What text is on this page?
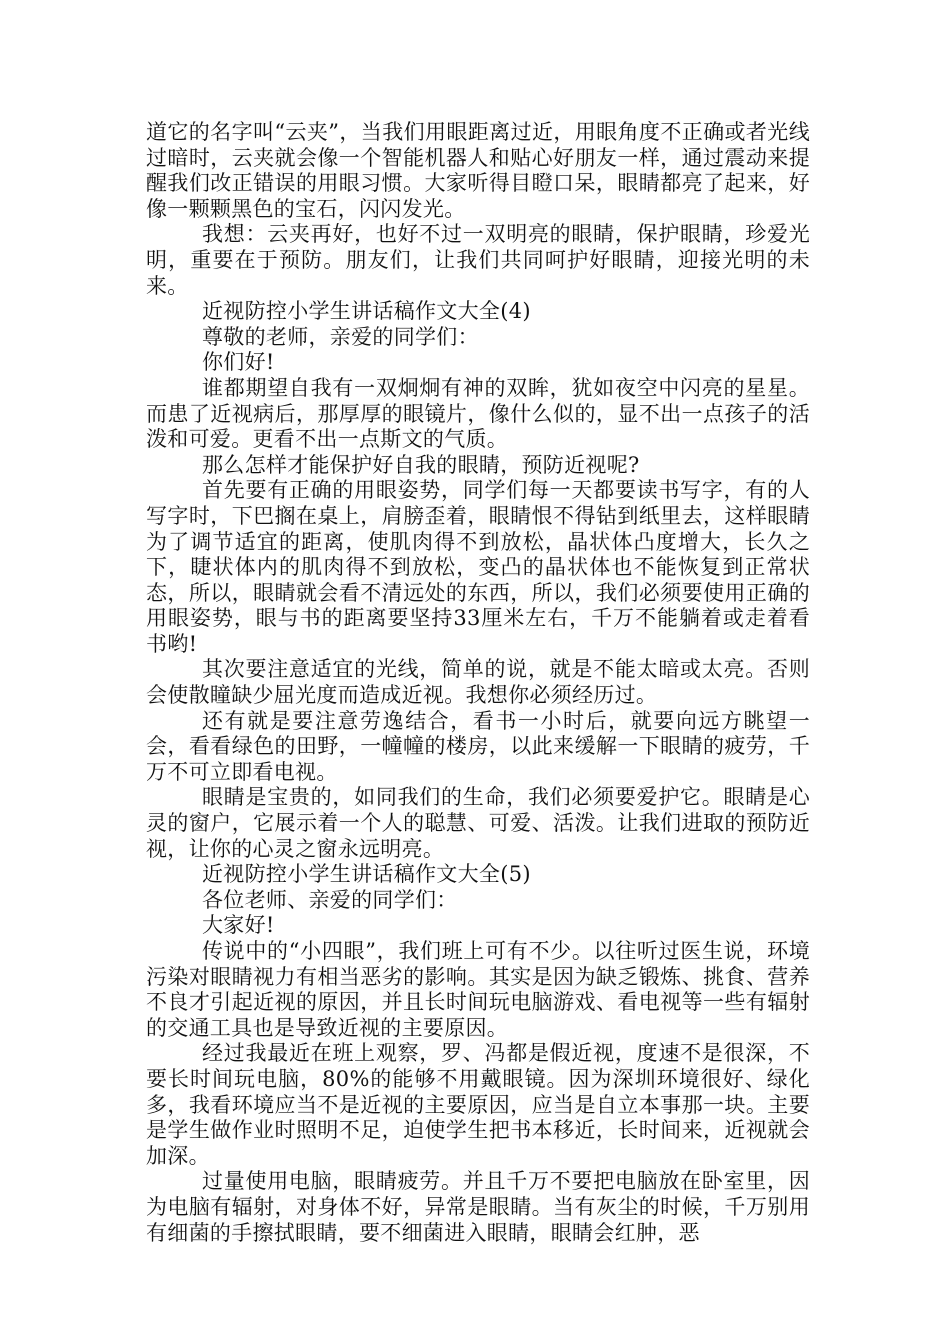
道它的名字叫“云夹”，当我们用眼距离过近，用眼角度不正确或者光线过暗时，云夹就会像一个智能机器人和贴心好朋友一样，通过震动来提醒我们改正错误的用眼习惯。大家听得目瞪口呆，眼睛都亮了起来，好像一颗颗黑色的宝石，闪闪发光。

我想：云夹再好，也好不过一双明亮的眼睛，保护眼睛，珍爱光明，重要在于预防。朋友们，让我们共同呵护好眼睛，迎接光明的未来。

近视防控小学生讲话稿作文大全(4)

尊敬的老师，亲爱的同学们：

你们好!

谁都期望自我有一双炯炯有神的双眸，犹如夜空中闪亮的星星。而患了近视病后，那厚厚的眼镜片，像什么似的，显不出一点孩子的活泼和可爱。更看不出一点斯文的气质。

那么怎样才能保护好自我的眼睛，预防近视呢?

首先要有正确的用眼姿势，同学们每一天都要读书写字，有的人写字时，下巴搁在桌上，肩膀歪着，眼睛恨不得钻到纸里去，这样眼睛为了调节适宜的距离，使肌肉得不到放松，晶状体凸度增大，长久之下，睫状体内的肌肉得不到放松，变凸的晶状体也不能恢复到正常状态，所以，眼睛就会看不清远处的东西，所以，我们必须要使用正确的用眼姿势，眼与书的距离要坚持33厘米左右，千万不能躺着或走着看书哟!

其次要注意适宜的光线，简单的说，就是不能太暗或太亮。否则会使散瞳缺少屈光度而造成近视。我想你必须经历过。

还有就是要注意劳逸结合，看书一小时后，就要向远方眺望一会，看看绿色的田野，一幢幢的楼房，以此来缓解一下眼睛的疲劳，千万不可立即看电视。

眼睛是宝贵的，如同我们的生命，我们必须要爱护它。眼睛是心灵的窗户，它展示着一个人的聪慧、可爱、活泼。让我们进取的预防近视，让你的心灵之窗永远明亮。

近视防控小学生讲话稿作文大全(5)

各位老师、亲爱的同学们：

大家好!

传说中的“小四眼”，我们班上可有不少。以往听过医生说，环境污染对眼睛视力有相当恶劣的影响。其实是因为缺乏锻炼、挑食、营养不良才引起近视的原因，并且长时间玩电脑游戏、看电视等一些有辐射的交通工具也是导致近视的主要原因。

经过我最近在班上观察，罗、冯都是假近视，度速不是很深，不要长时间玩电脑，80%的能够不用戴眼镜。因为深圳环境很好、绿化多，我看环境应当不是近视的主要原因，应当是自立本事那一块。主要是学生做作业时照明不足，迫使学生把书本移近，长时间来，近视就会加深。

过量使用电脑，眼睛疲劳。并且千万不要把电脑放在卧室里，因为电脑有辐射，对身体不好，异常是眼睛。当有灰尘的时候，千万别用有细菌的手擦拭眼睛，要不细菌进入眼睛，眼睛会红肿，恶
